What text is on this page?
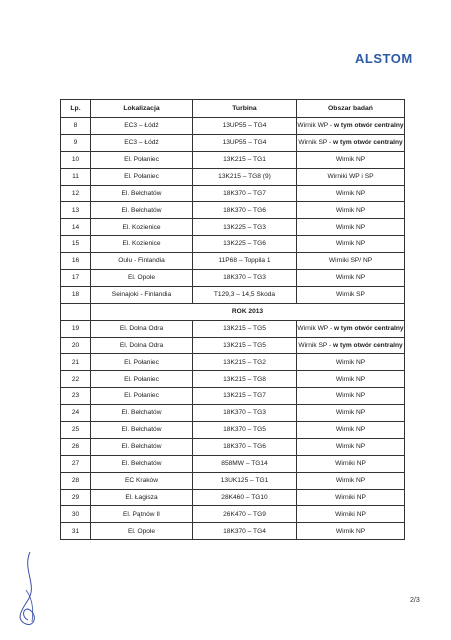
ALSTOM
Lp.	Lokalizacja	Turbina	Obszar badań
8	EC3 – Łódź	13UP55 – TG4	Wirnik WP - w tym otwór centralny
9	EC3 – Łódź	13UP55 – TG4	Wirnik SP - w tym otwór centralny
10	El. Połaniec	13K215 – TG1	Wirnik NP
11	El. Połaniec	13K215 – TG8 (9)	Wirniki WP i SP
12	El. Bełchatów	18K370 – TG7	Wirnik NP
13	El. Bełchatów	18K370 – TG6	Wirnik NP
14	El. Kozienice	13K225 – TG3	Wirnik NP
15	El. Kozienice	13K225 – TG6	Wirnik NP
16	Oulu - Finlandia	11P68 – Toppila 1	Wirniki SP/ NP
17	El. Opole	18K370 – TG3	Wirnik NP
18	Seinajoki - Finlandia	T129,3 – 14,5 Skoda	Wirnik SP
	ROK 2013		
19	El. Dolna Odra	13K215 – TG5	Wirnik WP - w tym otwór centralny
20	El. Dolna Odra	13K215 – TG5	Wirnik SP - w tym otwór centralny
21	El. Połaniec	13K215 – TG2	Wirnik NP
22	El. Połaniec	13K215 – TG8	Wirnik NP
23	El. Połaniec	13K215 – TG7	Wirnik NP
24	El. Bełchatów	18K370 – TG3	Wirnik NP
25	El. Bełchatów	18K370 – TG5	Wirnik NP
26	El. Bełchatów	18K370 – TG6	Wirnik NP
27	El. Bełchatów	858MW – TG14	Wirniki NP
28	EC Kraków	13UK125 – TG1	Wirnik NP
29	El. Łagisza	28K460 – TG10	Wirniki NP
30	El. Pątnów II	26K470 – TG9	Wirniki NP
31	El. Opole	18K370 – TG4	Wirnik NP
2/3
